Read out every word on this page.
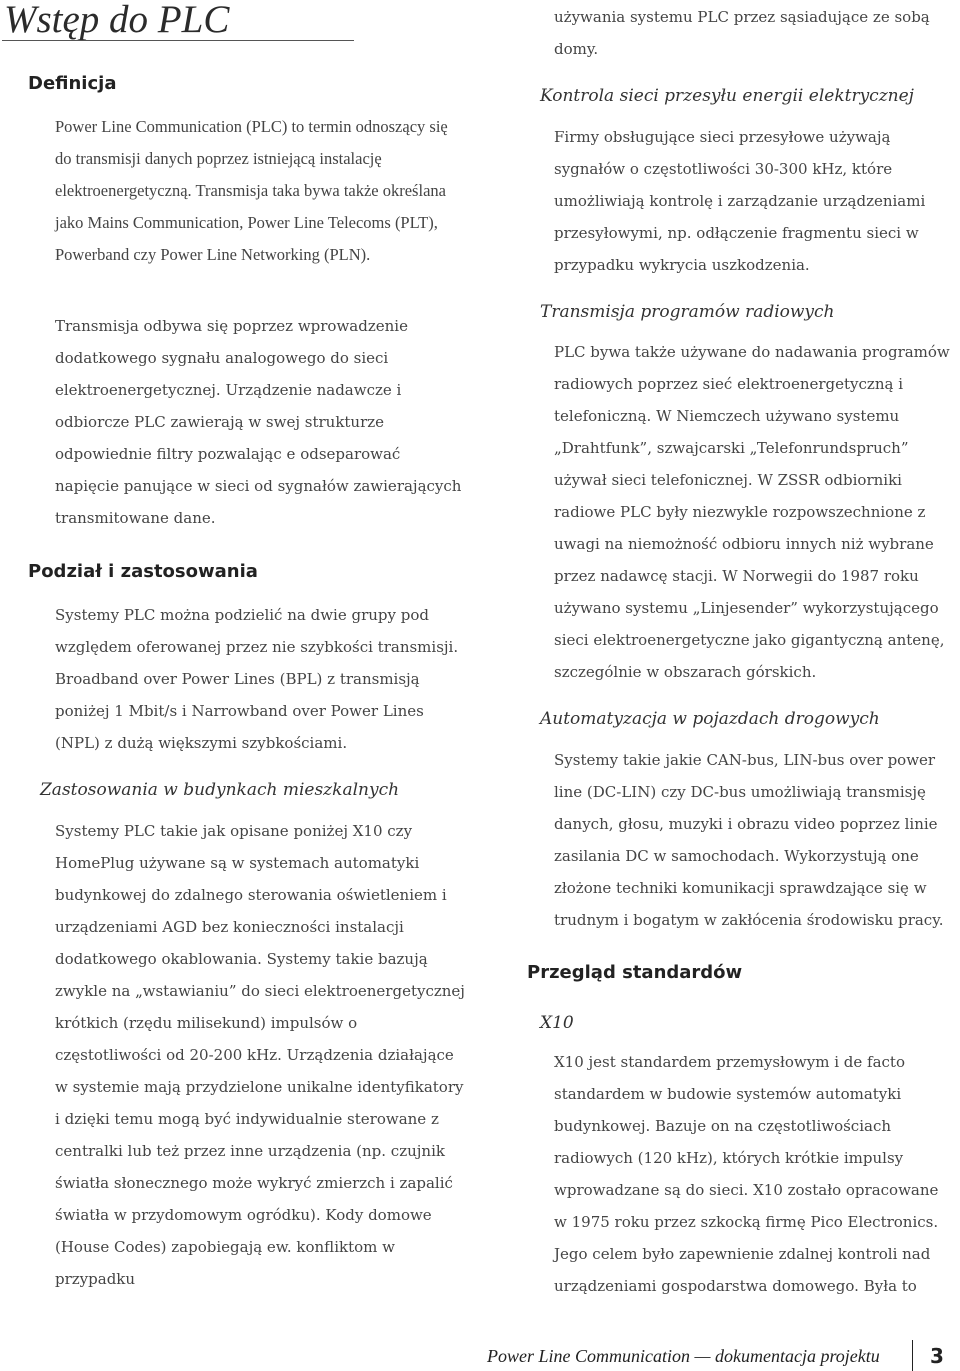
Wstęp do PLC
Definicja

Power Line Communication (PLC) to termin odnoszący się do transmisji danych poprzez istniejącą instalację elektroenergetyczną. Transmisja taka bywa także określana jako Mains Communication, Power Line Telecoms (PLT), Powerband czy Power Line Networking (PLN).

Transmisja odbywa się poprzez wprowadzenie dodatkowego sygnału analogowego do sieci elektroenergetycznej. Urządzenie nadawcze i odbiorcze PLC zawierają w swej strukturze odpowiednie filtry pozwalając e odseparować napięcie panujące w sieci od sygnałów zawierających transmitowane dane.

Podział i zastosowania

Systemy PLC można podzielić na dwie grupy pod względem oferowanej przez nie szybkości transmisji. Broadband over Power Lines (BPL) z transmisją poniżej 1 Mbit/s i Narrowband over Power Lines (NPL) z dużą większymi szybkościami.

Zastosowania w budynkach mieszkalnych

Systemy PLC takie jak opisane poniżej X10 czy HomePlug używane są w systemach automatyki budynkowej do zdalnego sterowania oświetleniem i urządzeniami AGD bez konieczności instalacji dodatkowego okablowania. Systemy takie bazują zwykle na „wstawianiu” do sieci elektroenergetycznej krótkich (rzędu milisekund) impulsów o częstotliwości od 20-200 kHz. Urządzenia działające w systemie mają przydzielone unikalne identyfikatory i dzięki temu mogą być indywidualnie sterowane z centralki lub też przez inne urządzenia (np. czujnik światła słonecznego może wykryć zmierzch i zapalić światła w przydomowym ogródku). Kody domowe (House Codes) zapobiegają ew. konfliktom w przypadku

używania systemu PLC przez sąsiadujące ze sobą domy.

Kontrola sieci przesyłu energii elektrycznej

Firmy obsługujące sieci przesyłowe używają sygnałów o częstotliwości 30-300 kHz, które umożliwiają kontrolę i zarządzanie urządzeniami przesyłowymi, np. odłączenie fragmentu sieci w przypadku wykrycia uszkodzenia.

Transmisja programów radiowych

PLC bywa także używane do nadawania programów radiowych poprzez sieć elektroenergetyczną i telefoniczną. W Niemczech używano systemu „Drahtfunk”, szwajcarski „Telefonrundspruch” używał sieci telefonicznej. W ZSSR odbiorniki radiowe PLC były niezwykle rozpowszechnione z uwagi na niemożność odbioru innych niż wybrane przez nadawcę stacji. W Norwegii do 1987 roku używano systemu „Linjesender” wykorzystującego sieci elektroenergetyczne jako gigantyczną antenę, szczególnie w obszarach górskich.

Automatyzacja w pojazdach drogowych

Systemy takie jakie CAN-bus, LIN-bus over power line (DC-LIN) czy DC-bus umożliwiają transmisję danych, głosu, muzyki i obrazu video poprzez linie zasilania DC w samochodach. Wykorzystują one złożone techniki komunikacji sprawdzające się w trudnym i bogatym w zakłócenia środowisku pracy.

Przegląd standardów
X10

X10 jest standardem przemysłowym i de facto standardem w budowie systemów automatyki budynkowej. Bazuje on na częstotliwościach radiowych (120 kHz), których krótkie impulsy wprowadzane są do sieci. X10 zostało opracowane w 1975 roku przez szkocką firmę Pico Electronics. Jego celem było zapewnienie zdalnej kontroli nad urządzeniami gospodarstwa domowego. Była to

Power Line Communication — dokumentacja projektu	3
